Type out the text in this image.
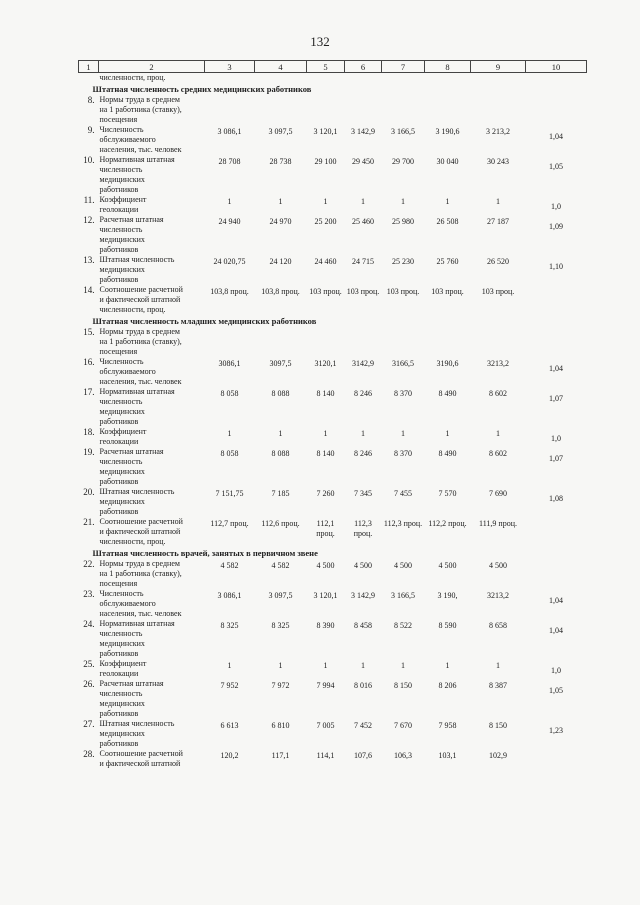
132
1	2	3	4	5	6	7	8	9	10

	численности, проц.								

Штатная численность средних медицинских работников									
8.	Нормы труда в среднем
на 1 работника (ставку),
посещения								

9.	Численность
обслуживаемого
населения, тыс. человек	3 086,1	3 097,5	3 120,1	3 142,9	3 166,5	3 190,6	3 213,2	1,04
10.	Нормативная штатная
численность
медицинских
работников	28 708	28 738	29 100	29 450	29 700	30 040	30 243	1,05
11.	Коэффициент
геолокации	1	1	1	1	1	1	1	1,0
12.	Расчетная штатная
численность
медицинских
работников	24 940	24 970	25 200	25 460	25 980	26 508	27 187	1,09
13.	Штатная численность
медицинских
работников	24 020,75	24 120	24 460	24 715	25 230	25 760	26 520	1,10
14.	Соотношение расчетной
и фактической штатной
численности, проц.	103,8 проц.	103,8 проц.	103 проц.	103 проц.	103 проц.	103 проц.	103 проц.	
Штатная численность младших медицинских работников									
15.	Нормы труда в среднем
на 1 работника (ставку),
посещения								

16.	Численность
обслуживаемого
населения, тыс. человек	3086,1	3097,5	3120,1	3142,9	3166,5	3190,6	3213,2	1,04
17.	Нормативная штатная
численность
медицинских
работников	8 058	8 088	8 140	8 246	8 370	8 490	8 602	1,07
18.	Коэффициент
геолокации	1	1	1	1	1	1	1	1,0
19.	Расчетная штатная
численность
медицинских
работников	8 058	8 088	8 140	8 246	8 370	8 490	8 602	1,07
20.	Штатная численность
медицинских
работников	7 151,75	7 185	7 260	7 345	7 455	7 570	7 690	1,08
21.	Соотношение расчетной
и фактической штатной
численности, проц.	112,7 проц.	112,6 проц.	112,1 проц.	112,3 проц.	112,3 проц.	112,2 проц.	111,9 проц.	
Штатная численность врачей, занятых в первичном звене									
22.	Нормы труда в среднем
на 1 работника (ставку),
посещения	4 582	4 582	4 500	4 500	4 500	4 500	4 500	
23.	Численность
обслуживаемого
населения, тыс. человек	3 086,1	3 097,5	3 120,1	3 142,9	3 166,5	3 190,	3213,2	1,04
24.	Нормативная штатная
численность
медицинских
работников	8 325	8 325	8 390	8 458	8 522	8 590	8 658	1,04
25.	Коэффициент
геолокации	1	1	1	1	1	1	1	1,0
26.	Расчетная штатная
численность
медицинских
работников	7 952	7 972	7 994	8 016	8 150	8 206	8 387	1,05
27.	Штатная численность
медицинских
работников	6 613	6 810	7 005	7 452	7 670	7 958	8 150	1,23
28.	Соотношение расчетной
и фактической штатной	120,2	117,1	114,1	107,6	106,3	103,1	102,9	
